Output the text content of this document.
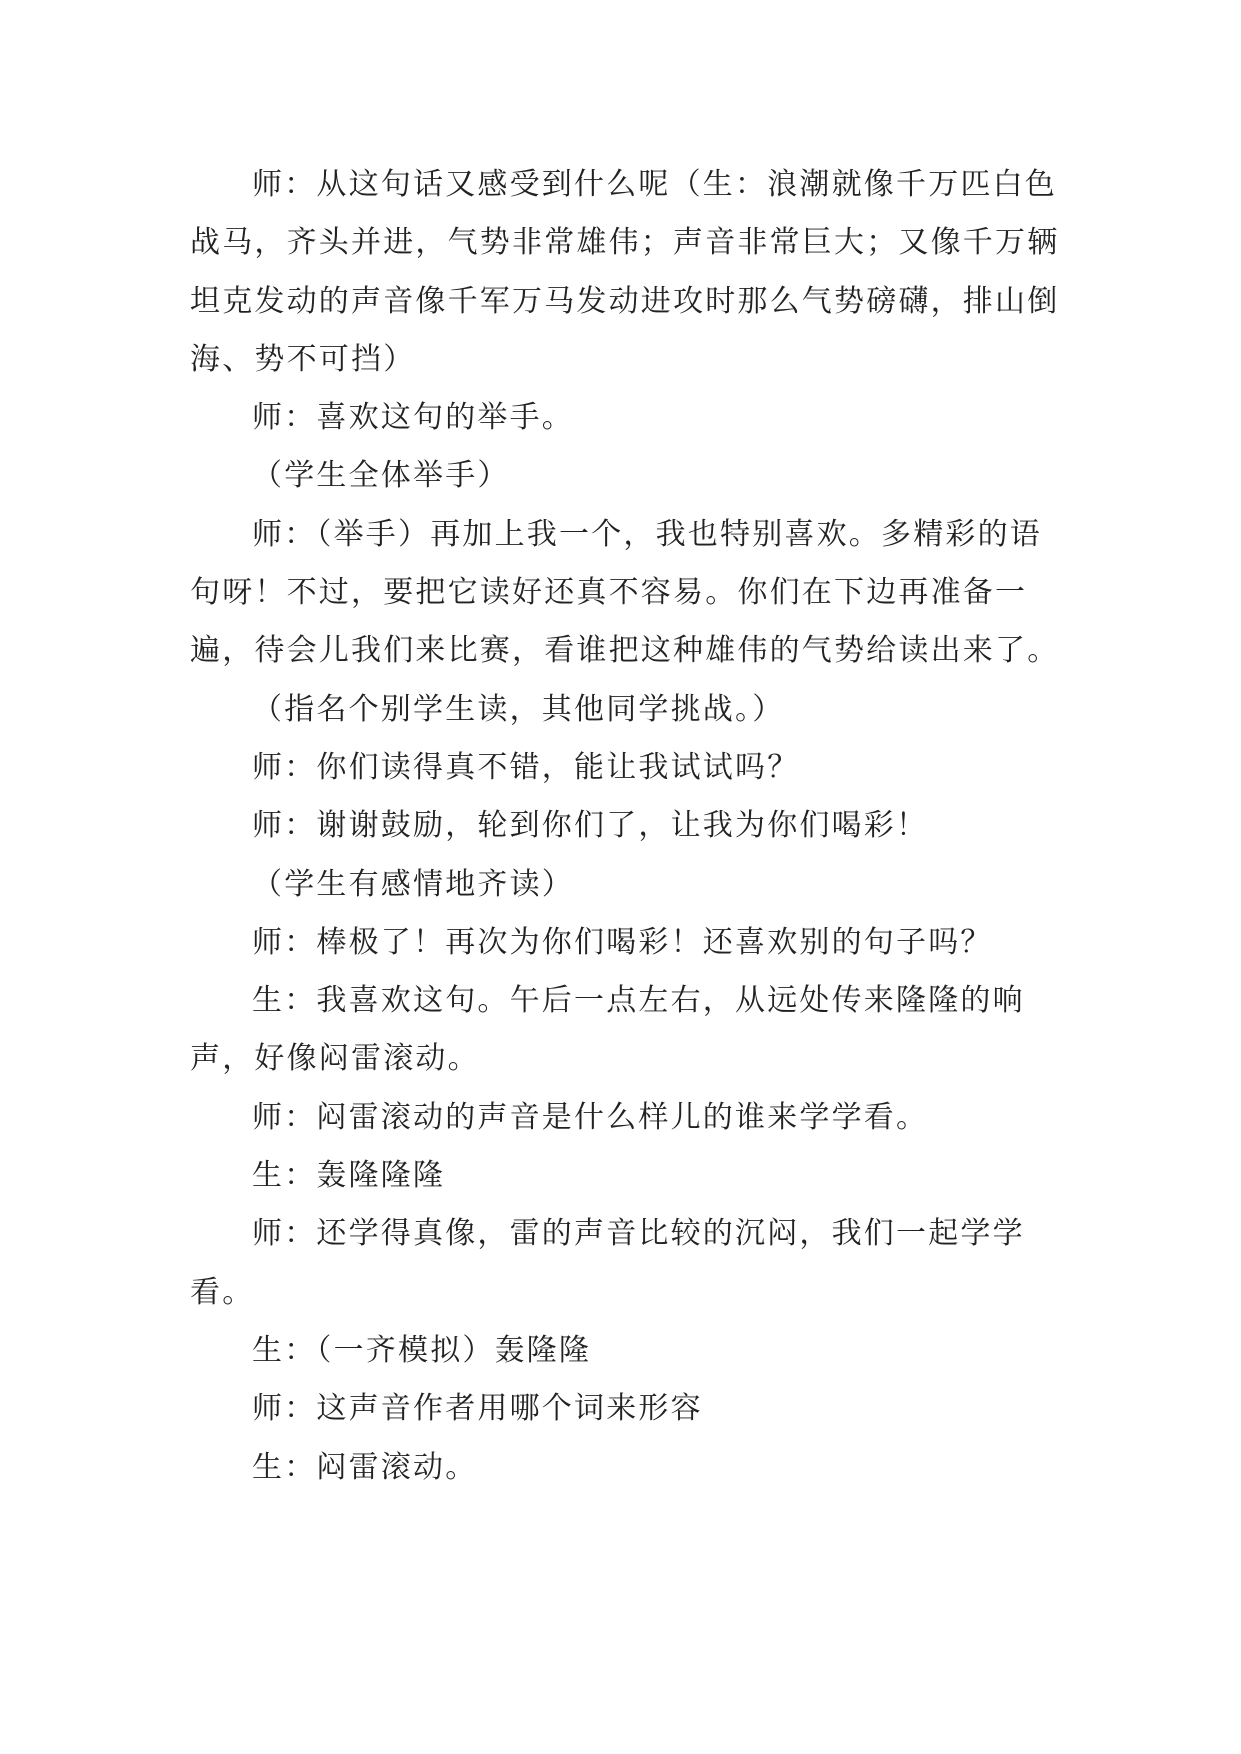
师：从这句话又感受到什么呢（生：浪潮就像千万匹白色战马，齐头并进，气势非常雄伟；声音非常巨大；又像千万辆坦克发动的声音像千军万马发动进攻时那么气势磅礴，排山倒海、势不可挡）

师：喜欢这句的举手。

（学生全体举手）

师：（举手）再加上我一个，我也特别喜欢。多精彩的语句呀！不过，要把它读好还真不容易。你们在下边再准备一遍，待会儿我们来比赛，看谁把这种雄伟的气势给读出来了。

（指名个别学生读，其他同学挑战。）

师：你们读得真不错，能让我试试吗？

师：谢谢鼓励，轮到你们了，让我为你们喝彩！

（学生有感情地齐读）

师：棒极了！再次为你们喝彩！还喜欢别的句子吗？

生：我喜欢这句。午后一点左右，从远处传来隆隆的响声，好像闷雷滚动。

师：闷雷滚动的声音是什么样儿的谁来学学看。

生：轰隆隆隆

师：还学得真像，雷的声音比较的沉闷，我们一起学学看。

生：（一齐模拟）轰隆隆

师：这声音作者用哪个词来形容

生：闷雷滚动。
